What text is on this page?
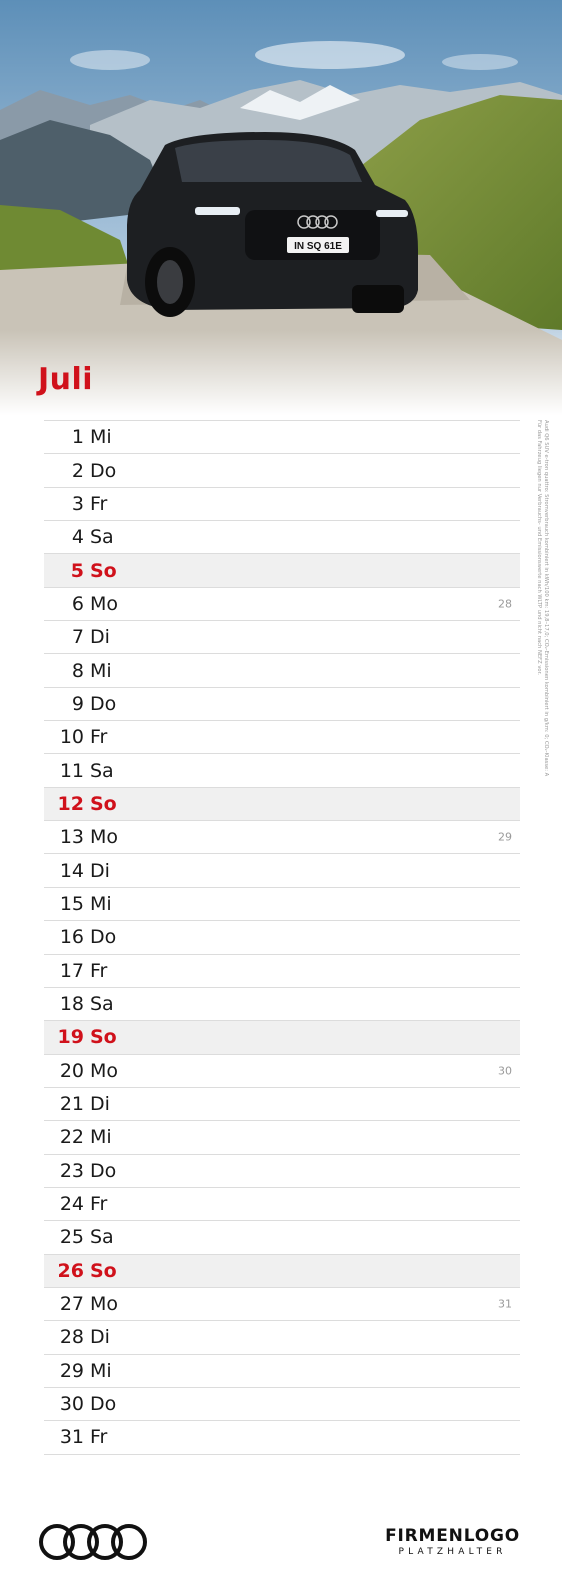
IN SQ 61E
Juli
1 Mi
2 Do
3 Fr
4 Sa
5 So
6 Mo	28
7 Di
8 Mi
9 Do
10 Fr
11 Sa
12 So
13 Mo	29
14 Di
15 Mi
16 Do
17 Fr
18 Sa
19 So
20 Mo	30
21 Di
22 Mi
23 Do
24 Fr
25 Sa
26 So
27 Mo	31
28 Di
29 Mi
30 Do
31 Fr
Audi Q6 SUV e-tron quattro: Stromverbrauch kombiniert in kWh/100 km: 19,8–17,0; CO₂-Emissionen kombiniert in g/km: 0; CO₂-Klasse: A
Für das Fahrzeug liegen nur Verbrauchs- und Emissionswerte nach WLTP und nicht nach NEFZ vor.
FIRMENLOGO
PLATZHALTER
